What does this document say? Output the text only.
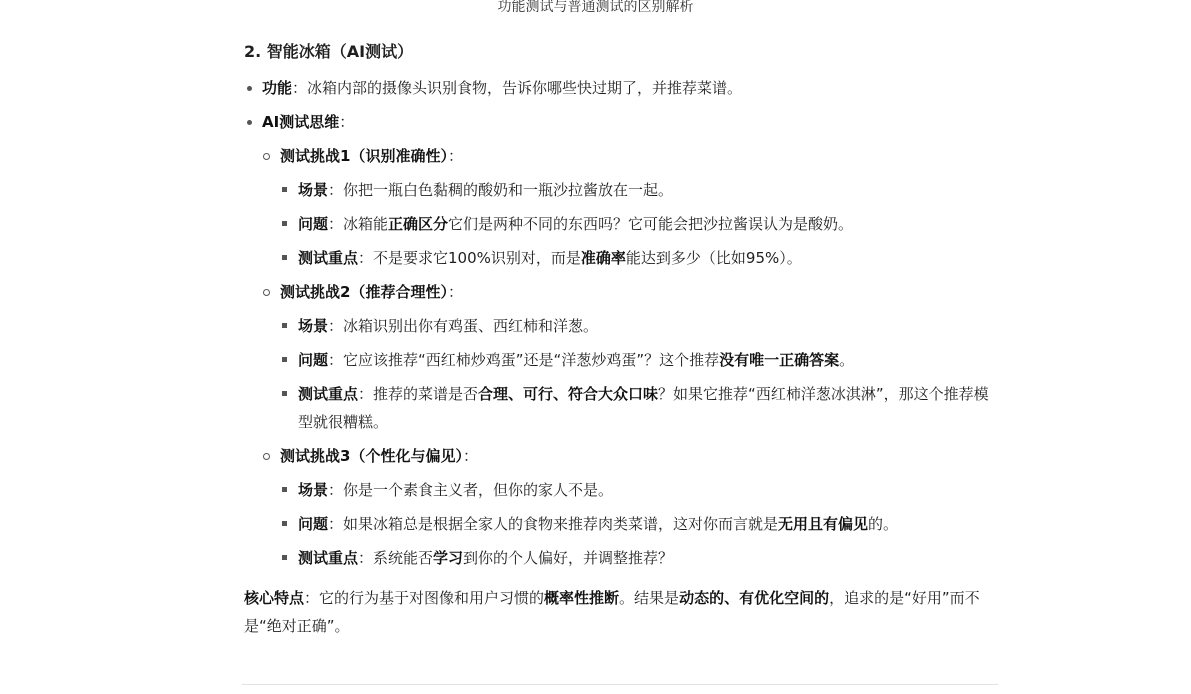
功能测试与普通测试的区别解析
2. 智能冰箱（AI测试）
功能：冰箱内部的摄像头识别食物，告诉你哪些快过期了，并推荐菜谱。
AI测试思维：
测试挑战1（识别准确性）：
场景：你把一瓶白色黏稠的酸奶和一瓶沙拉酱放在一起。
问题：冰箱能正确区分它们是两种不同的东西吗？它可能会把沙拉酱误认为是酸奶。
测试重点：不是要求它100%识别对，而是准确率能达到多少（比如95%）。
测试挑战2（推荐合理性）：
场景：冰箱识别出你有鸡蛋、西红柿和洋葱。
问题：它应该推荐“西红柿炒鸡蛋”还是“洋葱炒鸡蛋”？这个推荐没有唯一正确答案。
测试重点：推荐的菜谱是否合理、可行、符合大众口味？如果它推荐“西红柿洋葱冰淇淋”，那这个推荐模型就很糟糕。
测试挑战3（个性化与偏见）：
场景：你是一个素食主义者，但你的家人不是。
问题：如果冰箱总是根据全家人的食物来推荐肉类菜谱，这对你而言就是无用且有偏见的。
测试重点：系统能否学习到你的个人偏好，并调整推荐？

核心特点：它的行为基于对图像和用户习惯的概率性推断。结果是动态的、有优化空间的，追求的是“好用”而不是“绝对正确”。
